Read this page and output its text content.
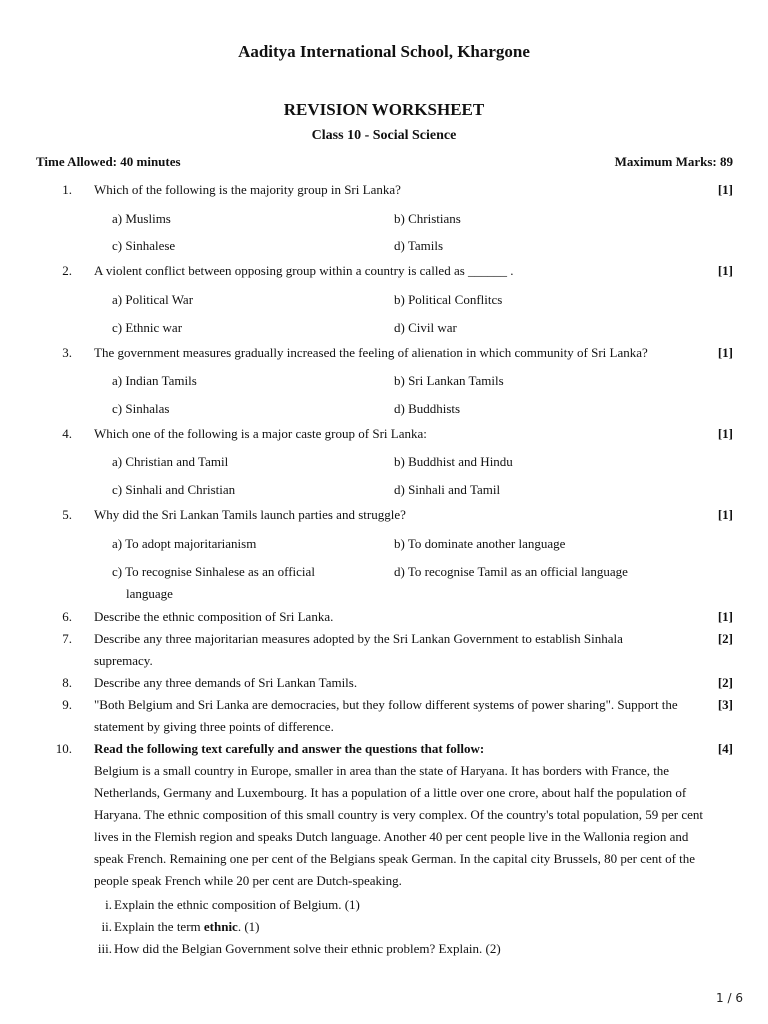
Aaditya International School, Khargone
REVISION WORKSHEET
Class 10 - Social Science
Time Allowed: 40 minutes	Maximum Marks: 89
1. Which of the following is the majority group in Sri Lanka?	[1]
a) Muslims	b) Christians
c) Sinhalese	d) Tamils
2. A violent conflict between opposing group within a country is called as ______ .	[1]
a) Political War	b) Political Conflitcs
c) Ethnic war	d) Civil war
3. The government measures gradually increased the feeling of alienation in which community of Sri Lanka?	[1]
a) Indian Tamils	b) Sri Lankan Tamils
c) Sinhalas	d) Buddhists
4. Which one of the following is a major caste group of Sri Lanka:	[1]
a) Christian and Tamil	b) Buddhist and Hindu
c) Sinhali and Christian	d) Sinhali and Tamil
5. Why did the Sri Lankan Tamils launch parties and struggle?	[1]
a) To adopt majoritarianism	b) To dominate another language
c) To recognise Sinhalese as an official language
d) To recognise Tamil as an official language
6. Describe the ethnic composition of Sri Lanka.	[1]
7. Describe any three majoritarian measures adopted by the Sri Lankan Government to establish Sinhala supremacy.
[2]
8. Describe any three demands of Sri Lankan Tamils.	[2]
9. "Both Belgium and Sri Lanka are democracies, but they follow different systems of power sharing". Support the statement by giving three points of difference.
[3]
10. Read the following text carefully and answer the questions that follow:	[4]
Belgium is a small country in Europe, smaller in area than the state of Haryana. It has borders with France, the Netherlands, Germany and Luxembourg. It has a population of a little over one crore, about half the population of Haryana. The ethnic composition of this small country is very complex. Of the country's total population, 59 per cent lives in the Flemish region and speaks Dutch language. Another 40 per cent people live in the Wallonia region and speak French. Remaining one per cent of the Belgians speak German. In the capital city Brussels, 80 per cent of the people speak French while 20 per cent are Dutch-speaking.
i. Explain the ethnic composition of Belgium. (1)
ii. Explain the term ethnic. (1)
iii. How did the Belgian Government solve their ethnic problem? Explain. (2)
1 / 6
